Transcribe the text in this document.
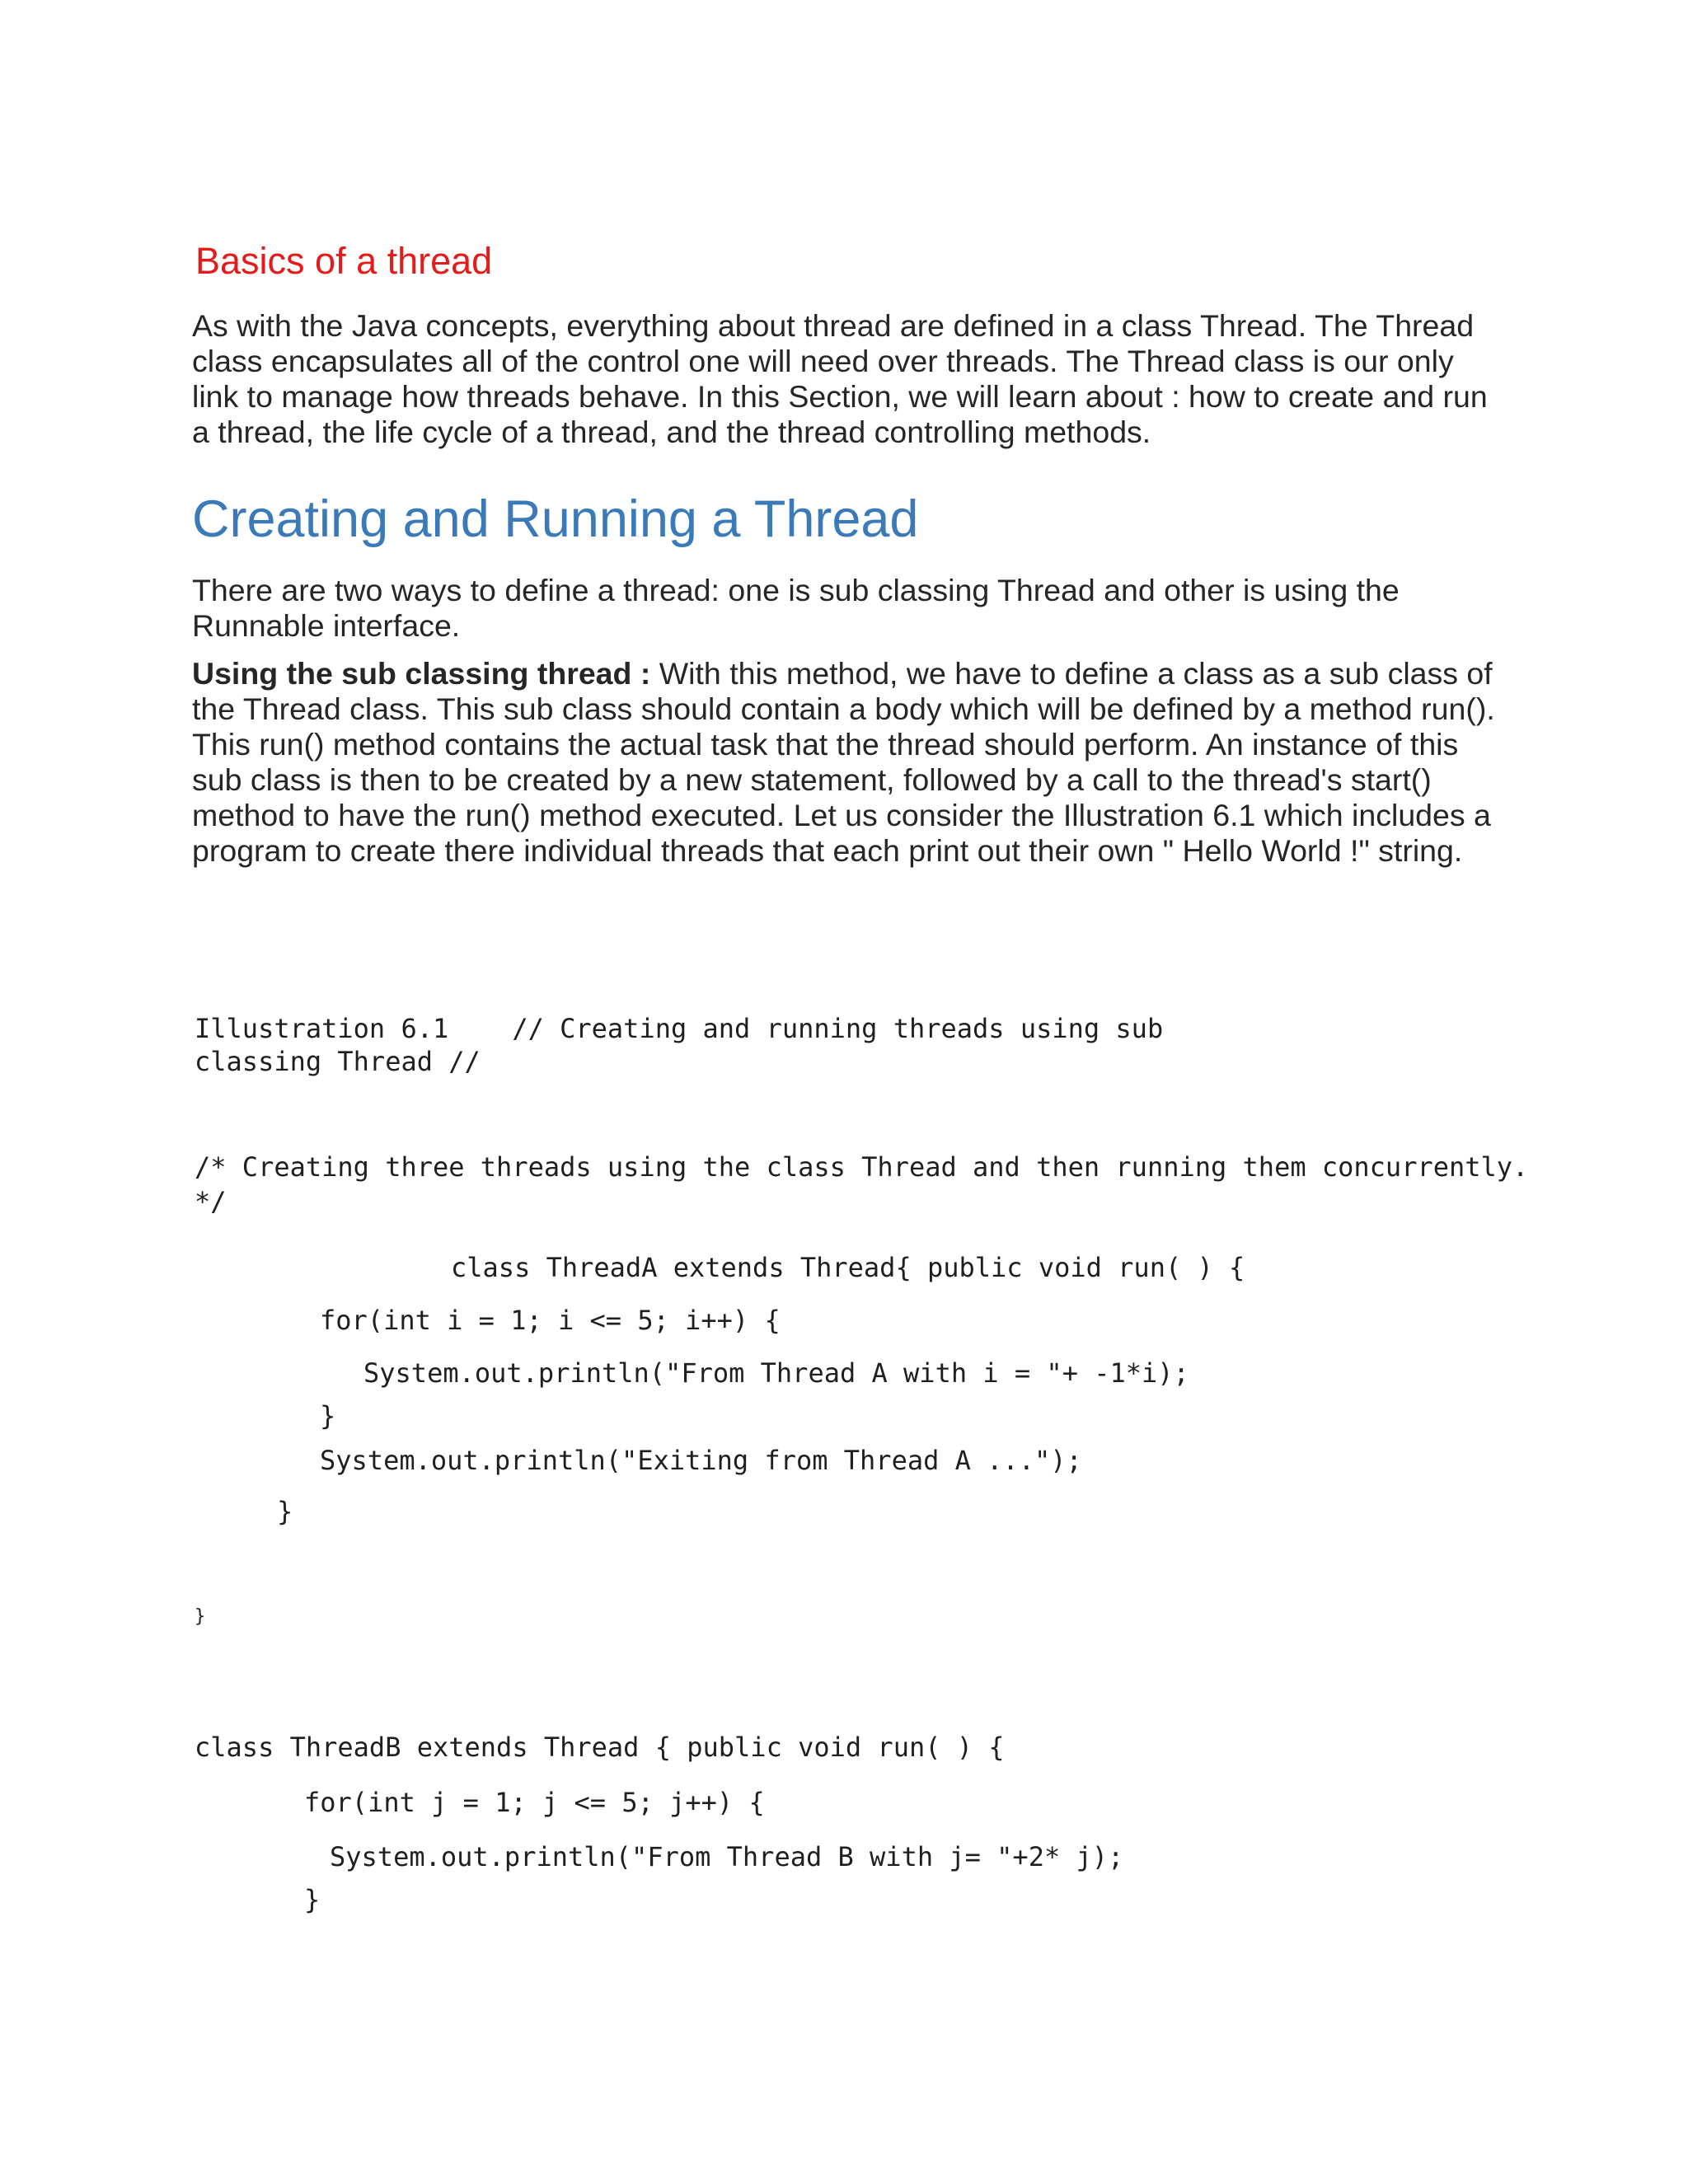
Basics of a thread

As with the Java concepts, everything about thread are defined in a class Thread. The Thread class encapsulates all of the control one will need over threads. The Thread class is our only link to manage how threads behave. In this Section, we will learn about : how to create and run a thread, the life cycle of a thread, and the thread controlling methods.

Creating and Running a Thread

There are two ways to define a thread: one is sub classing Thread and other is using the Runnable interface.

Using the sub classing thread : With this method, we have to define a class as a sub class of the Thread class. This sub class should contain a body which will be defined by a method run(). This run() method contains the actual task that the thread should perform. An instance of this sub class is then to be created by a new statement, followed by a call to the thread's start() method to have the run() method executed. Let us consider the Illustration 6.1 which includes a program to create there individual threads that each print out their own " Hello World !" string.

Illustration 6.1    // Creating and running threads using sub
classing Thread //
/* Creating three threads using the class Thread and then running them concurrently.
*/
class ThreadA extends Thread{ public void run( ) {
for(int i = 1; i <= 5; i++) {
System.out.println("From Thread A with i = "+ -1*i);
}
System.out.println("Exiting from Thread A ...");
}
}
class ThreadB extends Thread { public void run( ) {
for(int j = 1; j <= 5; j++) {
System.out.println("From Thread B with j= "+2* j);
}
